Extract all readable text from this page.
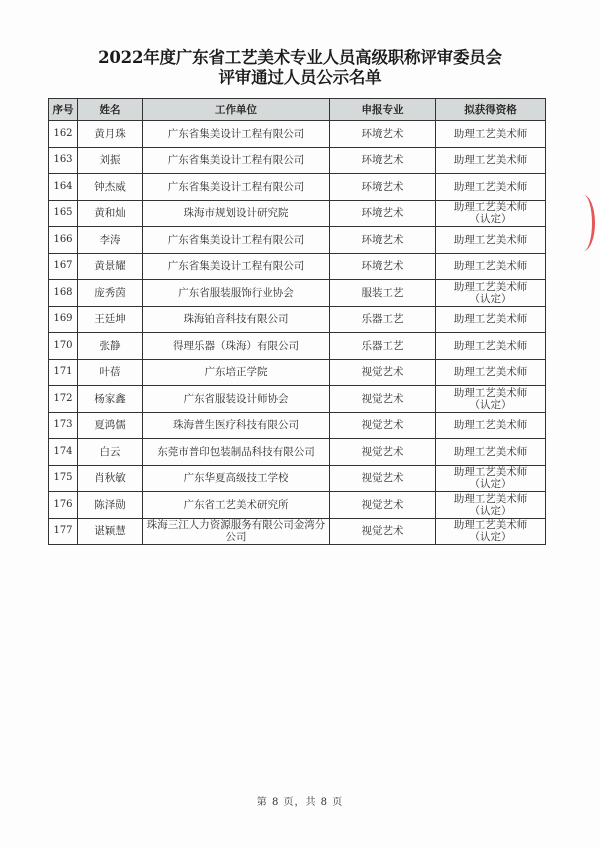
2022年度广东省工艺美术专业人员高级职称评审委员会
评审通过人员公示名单
序号	姓名	工作单位	申报专业	拟获得资格
162	黄月珠	广东省集美设计工程有限公司	环境艺术	助理工艺美术师

163	刘振	广东省集美设计工程有限公司	环境艺术	助理工艺美术师

164	钟杰威	广东省集美设计工程有限公司	环境艺术	助理工艺美术师

165	黄和灿	珠海市规划设计研究院	环境艺术	助理工艺美术师
（认定）

166	李涛	广东省集美设计工程有限公司	环境艺术	助理工艺美术师

167	黄景耀	广东省集美设计工程有限公司	环境艺术	助理工艺美术师

168	庞秀茵	广东省服装服饰行业协会	服装工艺	助理工艺美术师
（认定）

169	王廷坤	珠海铂音科技有限公司	乐器工艺	助理工艺美术师

170	张静	得理乐器（珠海）有限公司	乐器工艺	助理工艺美术师

171	叶蓓	广东培正学院	视觉艺术	助理工艺美术师

172	杨家鑫	广东省服装设计师协会	视觉艺术	助理工艺美术师
（认定）

173	夏鸿儒	珠海普生医疗科技有限公司	视觉艺术	助理工艺美术师

174	白云	东莞市普印包装制品科技有限公司	视觉艺术	助理工艺美术师

175	肖秋敏	广东华夏高级技工学校	视觉艺术	助理工艺美术师
（认定）

176	陈泽勋	广东省工艺美术研究所	视觉艺术	助理工艺美术师
（认定）

177	谌颖慧	珠海三江人力资源服务有限公司金湾分公司	视觉艺术	助理工艺美术师
（认定）
第 8 页，共 8 页
